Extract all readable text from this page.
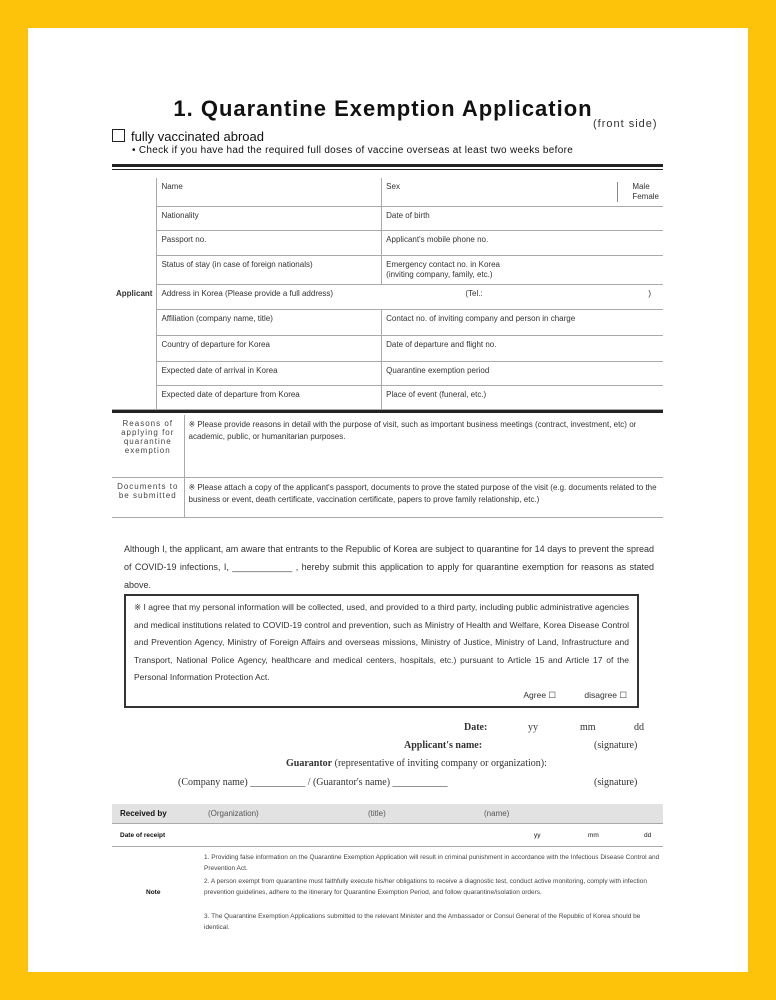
1. Quarantine Exemption Application
(front side)
fully vaccinated abroad
• Check if you have had the required full doses of vaccine overseas at least two weeks before
Applicant	Name	Sex Male
Female

	Nationality	Date of birth
	Passport no.	Applicant's mobile phone no.
	Status of stay (in case of foreign nationals)	Emergency contact no. in Korea
(inviting company, family, etc.)
	Address in Korea (Please provide a full address) (Tel.: )	

	Affiliation (company name, title)	Contact no. of inviting company and person in charge
	Country of departure for Korea	Date of departure and flight no.
	Expected date of arrival in Korea	Quarantine exemption period
	Expected date of departure from Korea	Place of event (funeral, etc.)
Reasons of applying for quarantine exemption	※ Please provide reasons in detail with the purpose of visit, such as important business meetings (contract, investment, etc) or academic, public, or humanitarian purposes.
Documents to be submitted	※ Please attach a copy of the applicant's passport, documents to prove the stated purpose of the visit (e.g. documents related to the business or event, death certificate, vaccination certificate, papers to prove family relationship, etc.)
Although I, the applicant, am aware that entrants to the Republic of Korea are subject to quarantine for 14 days to prevent the spread of COVID-19 infections, I, ____________ , hereby submit this application to apply for quarantine exemption for reasons as stated above.
※ I agree that my personal information will be collected, used, and provided to a third party, including public administrative agencies and medical institutions related to COVID-19 control and prevention, such as Ministry of Health and Welfare, Korea Disease Control and Prevention Agency, Ministry of Foreign Affairs and overseas missions, Ministry of Justice, Ministry of Land, Infrastructure and Transport, National Police Agency, healthcare and medical centers, hospitals, etc.) pursuant to Article 15 and Article 17 of the Personal Information Protection Act.
Agree ☐	disagree ☐
Date:	yy	mm	dd
Applicant's name:	(signature)
Guarantor (representative of inviting company or organization):
(Company name) ___________ / (Guarantor's name) ___________	(signature)
Received by	(Organization)	(title)	(name)
Date of receipt	yy	mm	dd
Note
1. Providing false information on the Quarantine Exemption Application will result in criminal punishment in accordance with the Infectious Disease Control and Prevention Act.
2. A person exempt from quarantine must faithfully execute his/her obligations to receive a diagnostic test, conduct active monitoring, comply with infection prevention guidelines, adhere to the itinerary for Quarantine Exemption Period, and follow quarantine/isolation orders.
3. The Quarantine Exemption Applications submitted to the relevant Minister and the Ambassador or Consul General of the Republic of Korea should be identical.
